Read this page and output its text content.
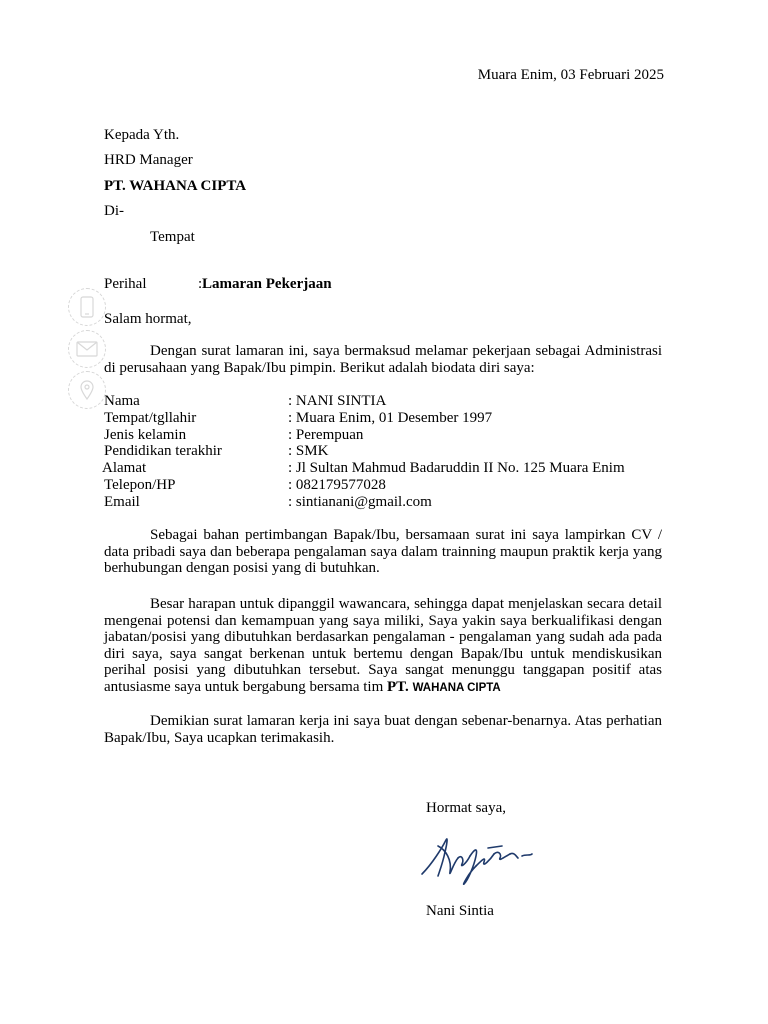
Muara Enim, 03 Februari 2025
Kepada Yth.
HRD Manager
PT. WAHANA CIPTA
Di-
Tempat
Perihal	: Lamaran Pekerjaan
Salam hormat,
Dengan surat lamaran ini, saya bermaksud melamar pekerjaan sebagai Administrasi di perusahaan yang Bapak/Ibu pimpin. Berikut adalah biodata diri saya:
Nama	: NANI SINTIA
Tempat/tgllahir	: Muara Enim, 01 Desember 1997
Jenis kelamin	: Perempuan
Pendidikan terakhir	: SMK
Alamat	: Jl Sultan Mahmud Badaruddin II No. 125 Muara Enim
Telepon/HP	: 082179577028
Email	: sintianani@gmail.com
Sebagai bahan pertimbangan Bapak/Ibu, bersamaan surat ini saya lampirkan CV / data pribadi saya dan beberapa pengalaman saya dalam trainning maupun praktik kerja yang berhubungan dengan posisi yang di butuhkan.
Besar harapan untuk dipanggil wawancara, sehingga dapat menjelaskan secara detail mengenai potensi dan kemampuan yang saya miliki, Saya yakin saya berkualifikasi dengan jabatan/posisi yang dibutuhkan berdasarkan pengalaman - pengalaman yang sudah ada pada diri saya, saya sangat berkenan untuk bertemu dengan Bapak/Ibu untuk mendiskusikan perihal posisi yang dibutuhkan tersebut. Saya sangat menunggu tanggapan positif atas antusiasme saya untuk bergabung bersama tim PT. WAHANA CIPTA
Demikian surat lamaran kerja ini saya buat dengan sebenar-benarnya. Atas perhatian Bapak/Ibu, Saya ucapkan terimakasih.
Hormat saya,
Nani Sintia
